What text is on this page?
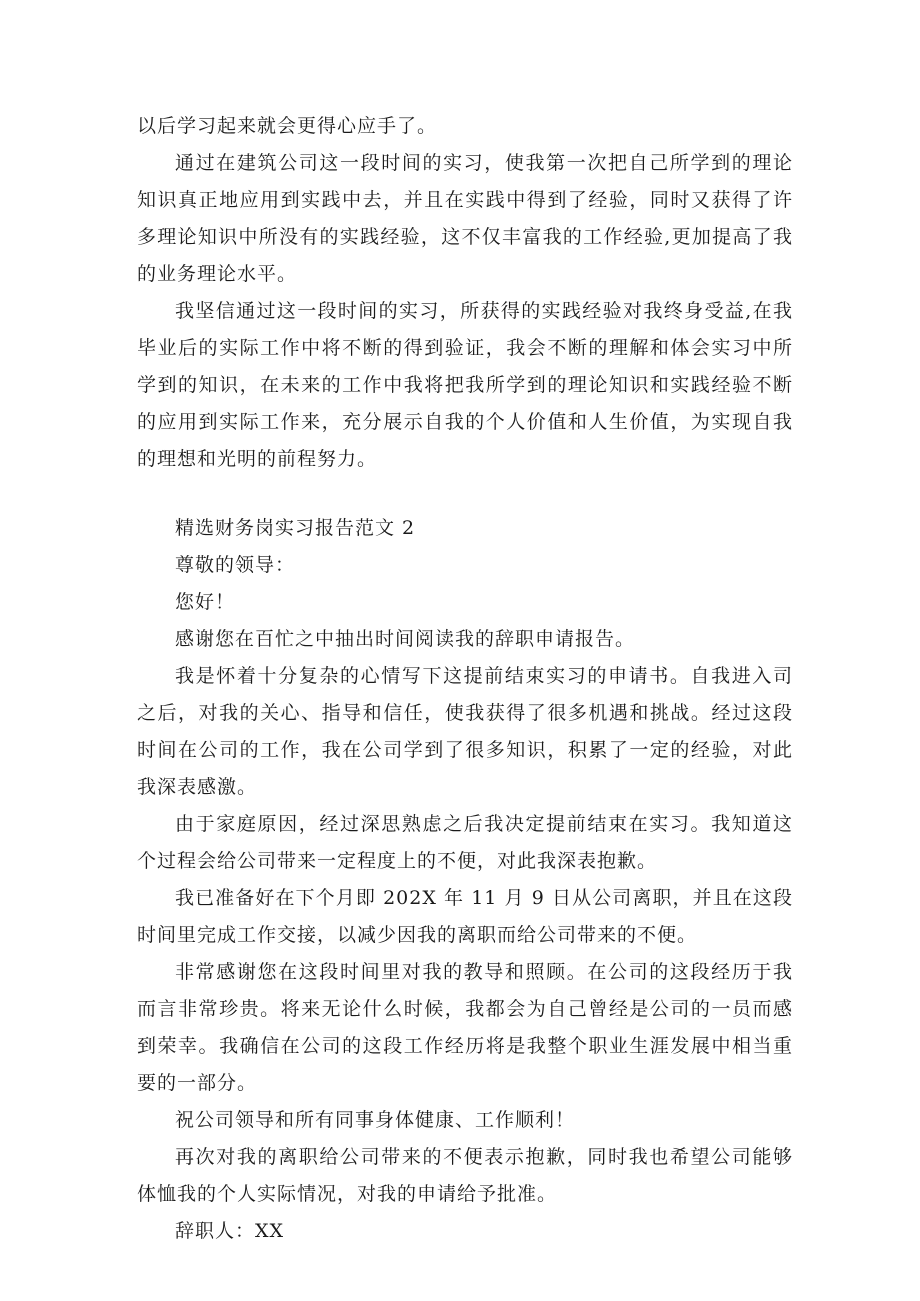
以后学习起来就会更得心应手了。

通过在建筑公司这一段时间的实习，使我第一次把自己所学到的理论知识真正地应用到实践中去，并且在实践中得到了经验，同时又获得了许多理论知识中所没有的实践经验，这不仅丰富我的工作经验,更加提高了我的业务理论水平。

我坚信通过这一段时间的实习，所获得的实践经验对我终身受益,在我毕业后的实际工作中将不断的得到验证，我会不断的理解和体会实习中所学到的知识，在未来的工作中我将把我所学到的理论知识和实践经验不断的应用到实际工作来，充分展示自我的个人价值和人生价值，为实现自我的理想和光明的前程努力。

精选财务岗实习报告范文 2

尊敬的领导：

您好！

感谢您在百忙之中抽出时间阅读我的辞职申请报告。

我是怀着十分复杂的心情写下这提前结束实习的申请书。自我进入司之后，对我的关心、指导和信任，使我获得了很多机遇和挑战。经过这段时间在公司的工作，我在公司学到了很多知识，积累了一定的经验，对此我深表感激。

由于家庭原因，经过深思熟虑之后我决定提前结束在实习。我知道这个过程会给公司带来一定程度上的不便，对此我深表抱歉。

我已准备好在下个月即 202X 年 11 月 9 日从公司离职，并且在这段时间里完成工作交接，以减少因我的离职而给公司带来的不便。

非常感谢您在这段时间里对我的教导和照顾。在公司的这段经历于我而言非常珍贵。将来无论什么时候，我都会为自己曾经是公司的一员而感到荣幸。我确信在公司的这段工作经历将是我整个职业生涯发展中相当重要的一部分。

祝公司领导和所有同事身体健康、工作顺利！

再次对我的离职给公司带来的不便表示抱歉，同时我也希望公司能够体恤我的个人实际情况，对我的申请给予批准。

辞职人：XX
